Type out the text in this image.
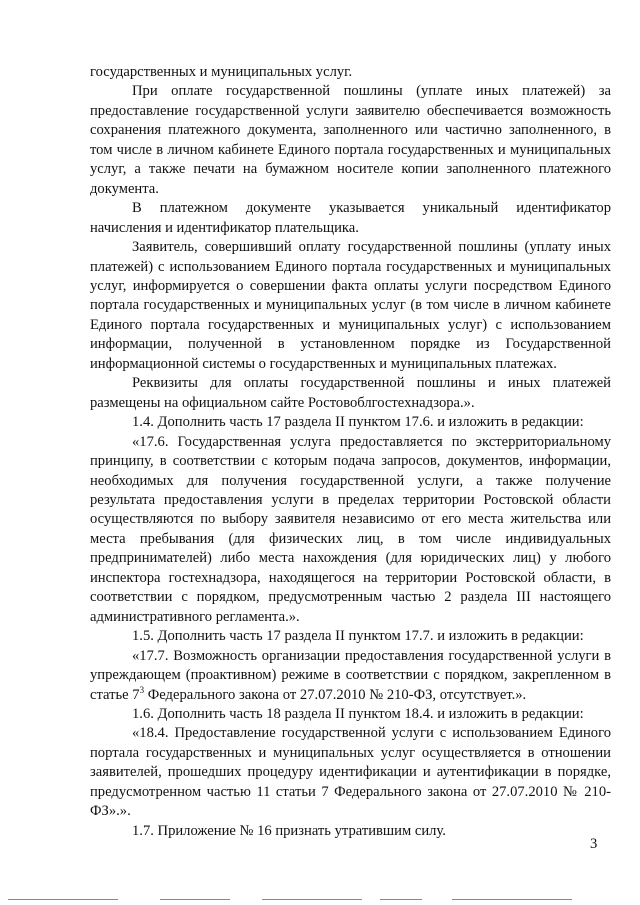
государственных и муниципальных услуг.

При оплате государственной пошлины (уплате иных платежей) за предоставление государственной услуги заявителю обеспечивается возможность сохранения платежного документа, заполненного или частично заполненного, в том числе в личном кабинете Единого портала государственных и муниципальных услуг, а также печати на бумажном носителе копии заполненного платежного документа.

В платежном документе указывается уникальный идентификатор начисления и идентификатор плательщика.

Заявитель, совершивший оплату государственной пошлины (уплату иных платежей) с использованием Единого портала государственных и муниципальных услуг, информируется о совершении факта оплаты услуги посредством Единого портала государственных и муниципальных услуг (в том числе в личном кабинете Единого портала государственных и муниципальных услуг) с использованием информации, полученной в установленном порядке из Государственной информационной системы о государственных и муниципальных платежах.

Реквизиты для оплаты государственной пошлины и иных платежей размещены на официальном сайте Ростовоблгостехнадзора.».

1.4. Дополнить часть 17 раздела II пунктом 17.6. и изложить в редакции:

«17.6. Государственная услуга предоставляется по экстерриториальному принципу, в соответствии с которым подача запросов, документов, информации, необходимых для получения государственной услуги, а также получение результата предоставления услуги в пределах территории Ростовской области осуществляются по выбору заявителя независимо от его места жительства или места пребывания (для физических лиц, в том числе индивидуальных предпринимателей) либо места нахождения (для юридических лиц) у любого инспектора гостехнадзора, находящегося на территории Ростовской области, в соответствии с порядком, предусмотренным частью 2 раздела III настоящего административного регламента.».

1.5. Дополнить часть 17 раздела II пунктом 17.7. и изложить в редакции:

«17.7. Возможность организации предоставления государственной услуги в упреждающем (проактивном) режиме в соответствии с порядком, закрепленном в статье $7^3$ Федерального закона от 27.07.2010 № 210-ФЗ, отсутствует.».

1.6. Дополнить часть 18 раздела II пунктом 18.4. и изложить в редакции:

«18.4. Предоставление государственной услуги с использованием Единого портала государственных и муниципальных услуг осуществляется в отношении заявителей, прошедших процедуру идентификации и аутентификации в порядке, предусмотренном частью 11 статьи 7 Федерального закона от 27.07.2010 № 210-ФЗ».».

1.7. Приложение № 16 признать утратившим силу.

3
